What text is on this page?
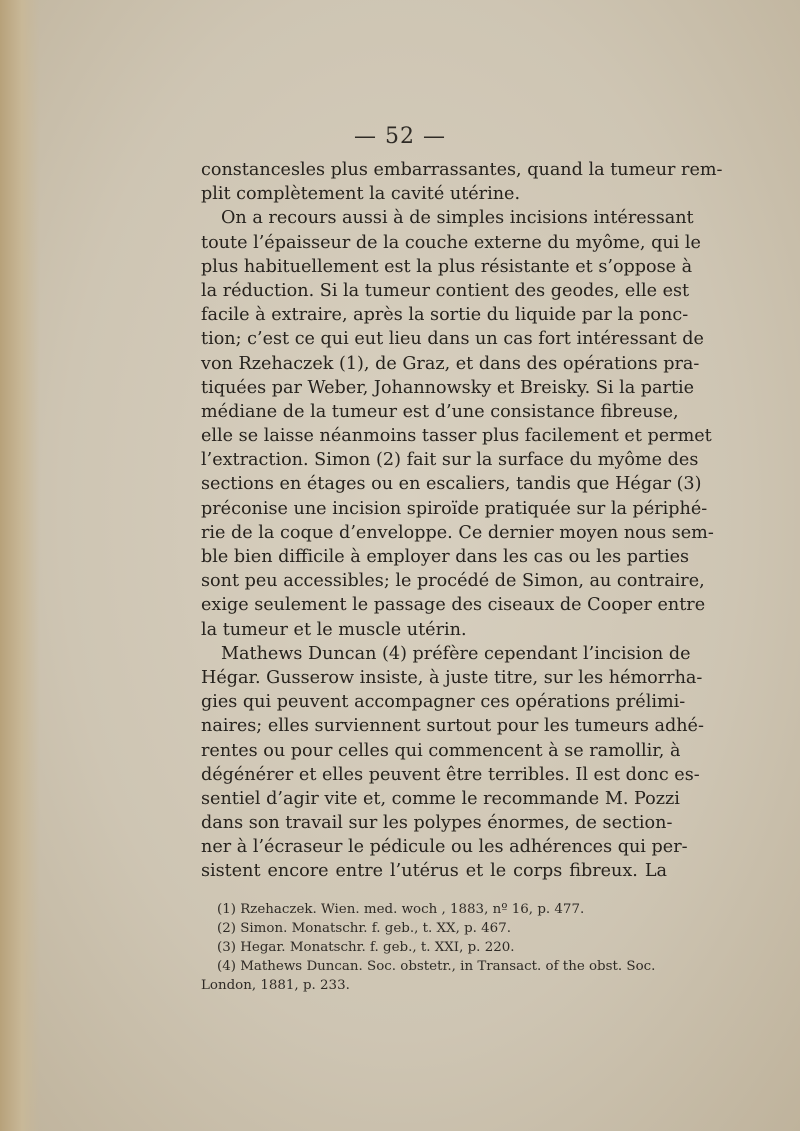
— 52 —
constancesles plus embarrassantes, quand la tumeur rem-
plit complètement la cavité utérine.
On a recours aussi à de simples incisions intéressant
toute l’épaisseur de la couche externe du myôme, qui le
plus habituellement est la plus résistante et s’oppose à
la réduction. Si la tumeur contient des geodes, elle est
facile à extraire, après la sortie du liquide par la ponc-
tion; c’est ce qui eut lieu dans un cas fort intéressant de
von Rzehaczek (1), de Graz, et dans des opérations pra-
tiquées par Weber, Johannowsky et Breisky. Si la partie
médiane de la tumeur est d’une consistance fibreuse,
elle se laisse néanmoins tasser plus facilement et permet
l’extraction. Simon (2) fait sur la surface du myôme des
sections en étages ou en escaliers, tandis que Hégar (3)
préconise une incision spiroïde pratiquée sur la périphé-
rie de la coque d’enveloppe. Ce dernier moyen nous sem-
ble bien difficile à employer dans les cas ou les parties
sont peu accessibles; le procédé de Simon, au contraire,
exige seulement le passage des ciseaux de Cooper entre
la tumeur et le muscle utérin.
Mathews Duncan (4) préfère cependant l’incision de
Hégar. Gusserow insiste, à juste titre, sur les hémorrha-
gies qui peuvent accompagner ces opérations prélimi-
naires; elles surviennent surtout pour les tumeurs adhé-
rentes ou pour celles qui commencent à se ramollir, à
dégénérer et elles peuvent être terribles. Il est donc es-
sentiel d’agir vite et, comme le recommande M. Pozzi
dans son travail sur les polypes énormes, de section-
ner à l’écraseur le pédicule ou les adhérences qui per-
sistent encore entre l’utérus et le corps fibreux. La
(1) Rzehaczek. Wien. med. woch , 1883, nº 16, p. 477.
(2) Simon. Monatschr. f. geb., t. XX, p. 467.
(3) Hegar. Monatschr. f. geb., t. XXI, p. 220.
(4) Mathews Duncan. Soc. obstetr., in Transact. of the obst. Soc.
London, 1881, p. 233.
